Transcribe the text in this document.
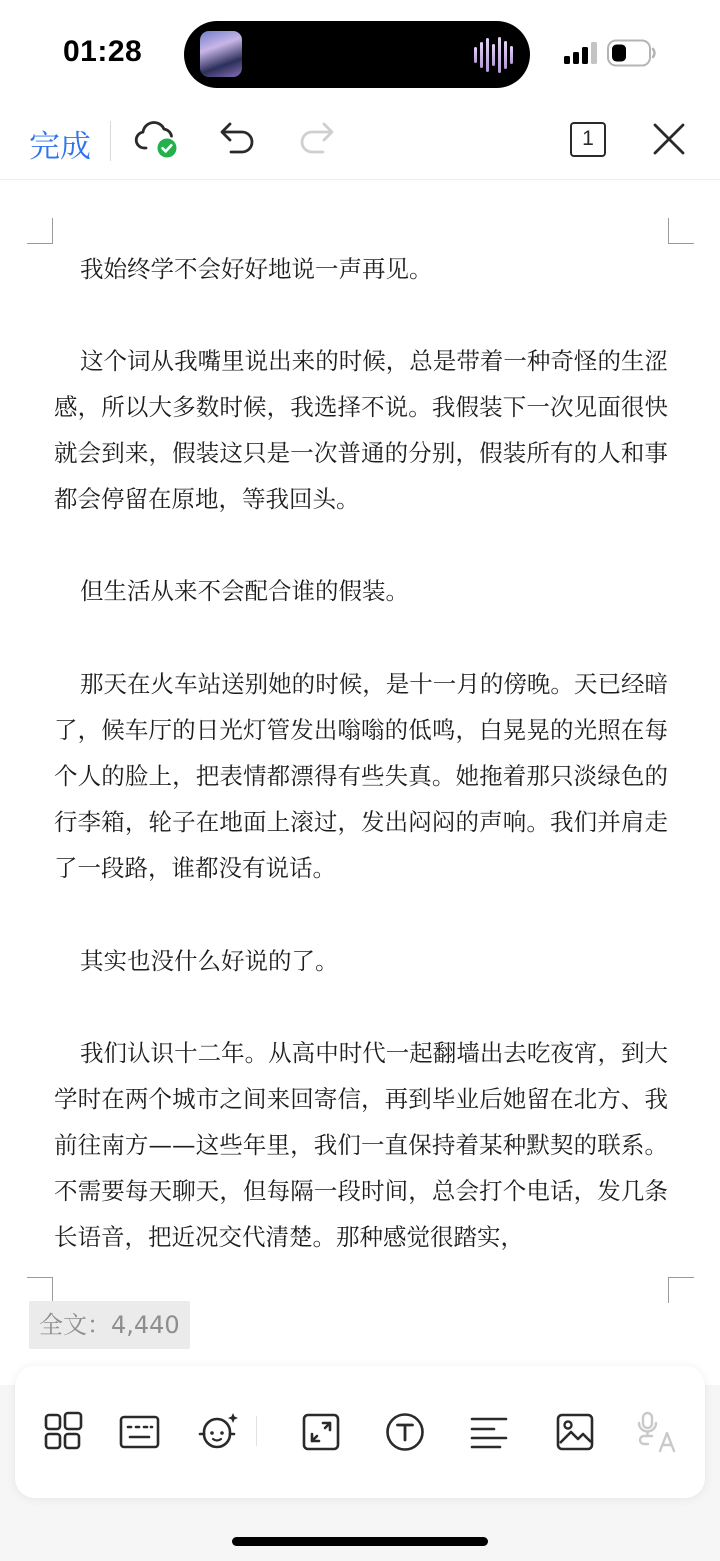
01:28
完成	1

我始终学不会好好地说一声再见。

这个词从我嘴里说出来的时候，总是带着一种奇怪的生涩感，所以大多数时候，我选择不说。我假装下一次见面很快就会到来，假装这只是一次普通的分别，假装所有的人和事都会停留在原地，等我回头。

但生活从来不会配合谁的假装。

那天在火车站送别她的时候，是十一月的傍晚。天已经暗了，候车厅的日光灯管发出嗡嗡的低鸣，白晃晃的光照在每个人的脸上，把表情都漂得有些失真。她拖着那只淡绿色的行李箱，轮子在地面上滚过，发出闷闷的声响。我们并肩走了一段路，谁都没有说话。

其实也没什么好说的了。

我们认识十二年。从高中时代一起翻墙出去吃夜宵，到大学时在两个城市之间来回寄信，再到毕业后她留在北方、我前往南方——这些年里，我们一直保持着某种默契的联系。不需要每天聊天，但每隔一段时间，总会打个电话，发几条长语音，把近况交代清楚。那种感觉很踏实，

全文：4,440
